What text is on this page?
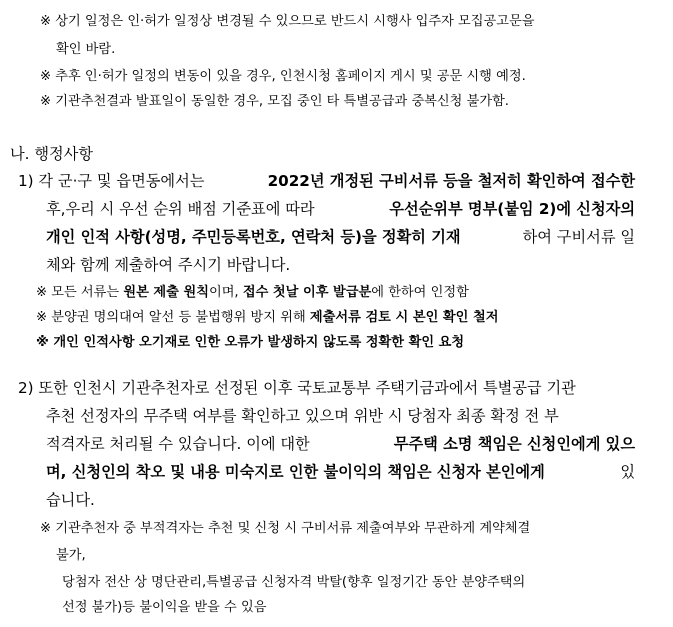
※ 상기 일정은 인·허가 일정상 변경될 수 있으므로 반드시 시행사 입주자 모집공고문을
확인 바람.
※ 추후 인·허가 일정의 변동이 있을 경우, 인천시청 홈페이지 게시 및 공문 시행 예정.
※ 기관추천결과 발표일이 동일한 경우, 모집 중인 타 특별공급과 중복신청 불가함.
나. 행정사항
1) 각 군·구 및 읍면동에서는	2022년 개정된 구비서류 등을 철저히 확인하여 접수한
후,우리 시 우선 순위 배점 기준표에 따라	우선순위부 명부(붙임 2)에 신청자의
개인 인적 사항(성명, 주민등록번호, 연락처 등)을 정확히 기재	하여 구비서류 일
체와 함께 제출하여 주시기 바랍니다.
※ 모든 서류는 원본 제출 원칙이며, 접수 첫날 이후 발급분에 한하여 인정함
※ 분양권 명의대여 알선 등 불법행위 방지 위해 제출서류 검토 시 본인 확인 철저
※ 개인 인적사항 오기재로 인한 오류가 발생하지 않도록 정확한 확인 요청
2) 또한 인천시 기관추천자로 선정된 이후 국토교통부 주택기금과에서 특별공급 기관
추천 선정자의 무주택 여부를 확인하고 있으며 위반 시 당첨자 최종 확정 전 부
적격자로 처리될 수 있습니다. 이에 대한	무주택 소명 책임은 신청인에게 있으
며, 신청인의 착오 및 내용 미숙지로 인한 불이익의 책임은 신청자 본인에게	있
습니다.
※ 기관추천자 중 부적격자는 추천 및 신청 시 구비서류 제출여부와 무관하게 계약체결
불가,
당첨자 전산 상 명단관리,특별공급 신청자격 박탈(향후 일정기간 동안 분양주택의
선정 불가)등 불이익을 받을 수 있음
